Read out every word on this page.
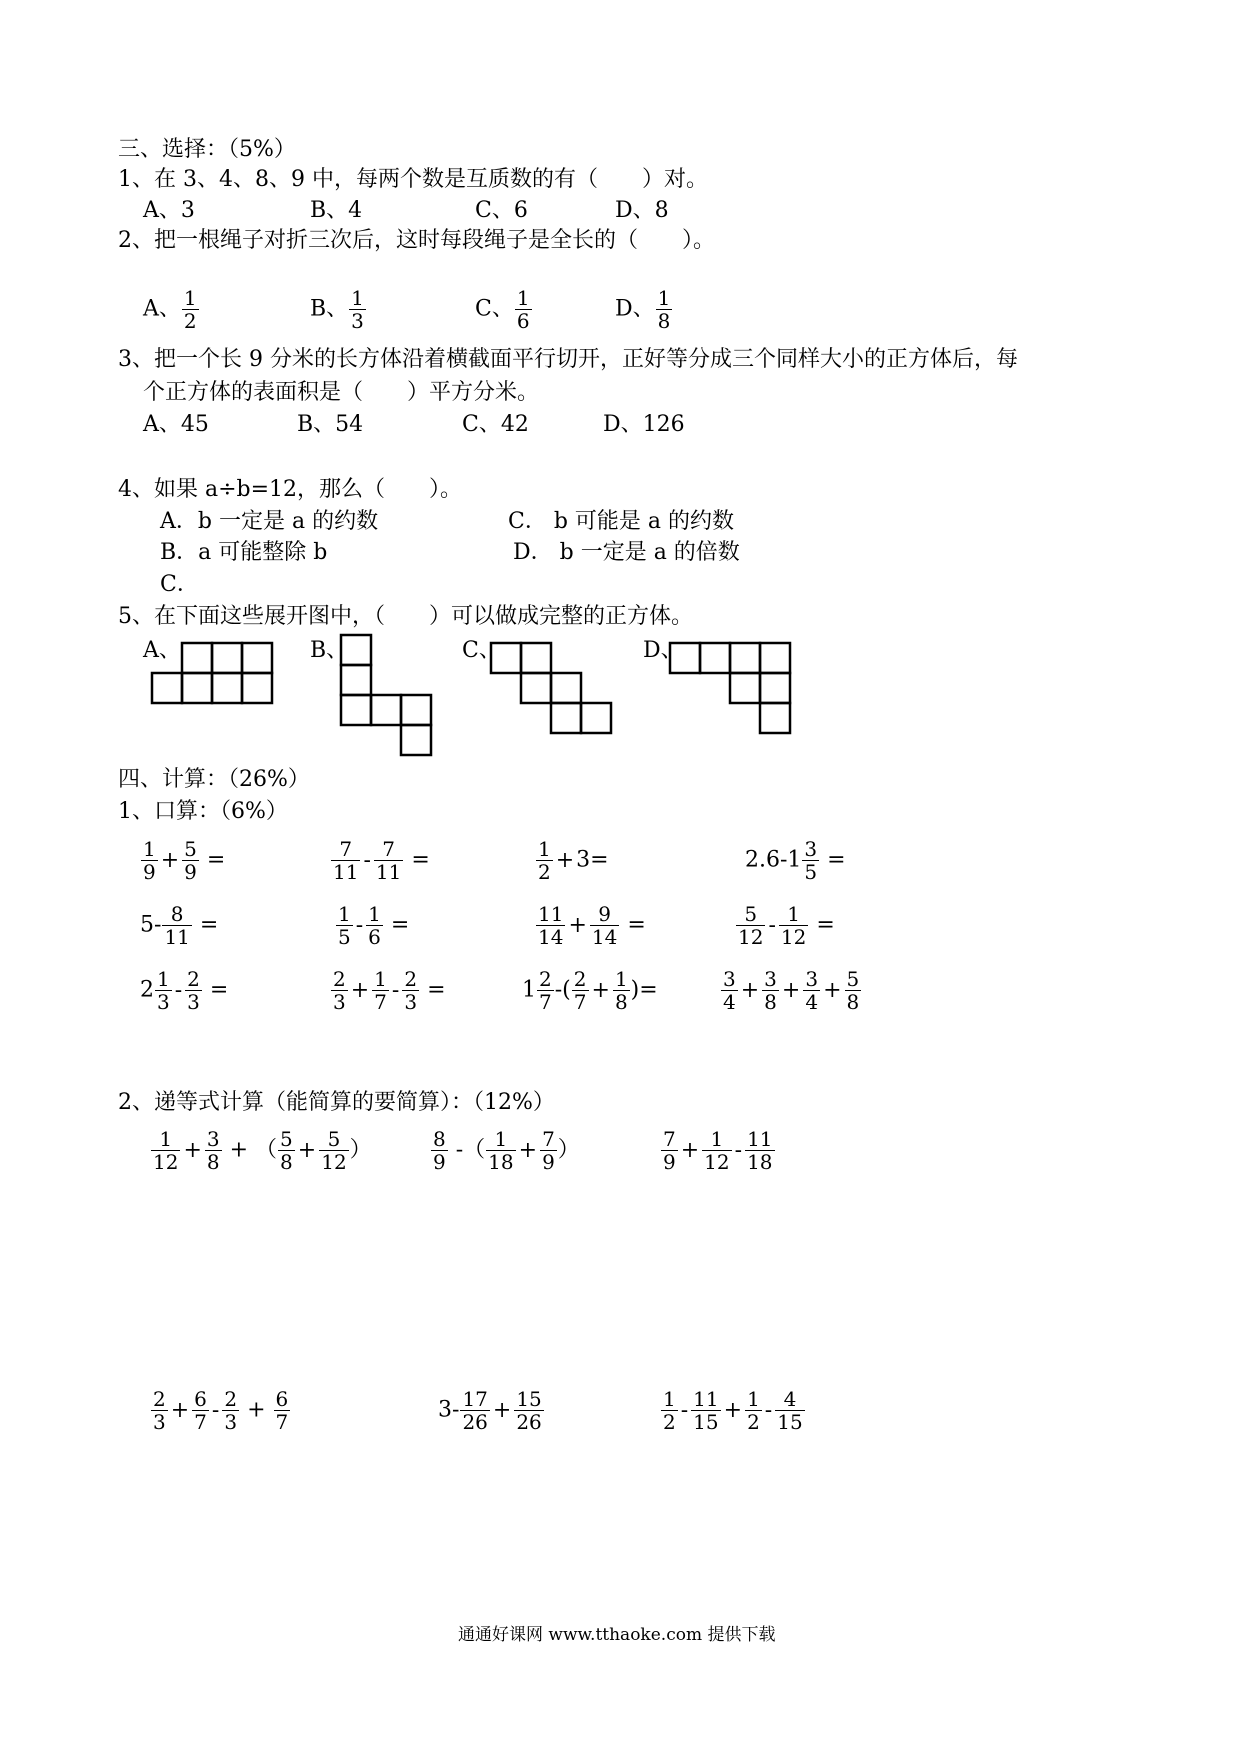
三、选择：（5%）
1、在 3、4、8、9 中，每两个数是互质数的有（　　）对。
A、3	B、4	C、6	D、8
2、把一根绳子对折三次后，这时每段绳子是全长的（　　）。
A、 $\frac{1}{2}$	B、 $\frac{1}{3}$	C、 $\frac{1}{6}$	D、 $\frac{1}{8}$
3、把一个长 9 分米的长方体沿着横截面平行切开，正好等分成三个同样大小的正方体后，每
个正方体的表面积是（　　）平方分米。
A、45	B、54	C、42	D、126
4、如果 a÷b=12，那么（　　）。
A．b 一定是 a 的约数	C． b 可能是 a 的约数
B．a 可能整除 b	D． b 一定是 a 的倍数
C．
5、在下面这些展开图中，（　　）可以做成完整的正方体。
A、	B、	C、	D、
四、计算：（26%）
1、口算：（6%）
$\frac{1}{9} + \frac{5}{9}$ =	$\frac{7}{11} - \frac{7}{11}$ =	$\frac{1}{2} +3=$	$2.6-1 \frac{3}{5}$ =
$5- \frac{8}{11}$ =	$\frac{1}{5} - \frac{1}{6}$ =	$\frac{11}{14} + \frac{9}{14}$ =	$\frac{5}{12} - \frac{1}{12}$ =
$2 \frac{1}{3} - \frac{2}{3}$ =	$\frac{2}{3} + \frac{1}{7} - \frac{2}{3}$ =	$1 \frac{2}{7}$ -( $\frac{2}{7} + \frac{1}{8}$ )=	$\frac{3}{4} + \frac{3}{8} + \frac{3}{4} + \frac{5}{8}$
2、递等式计算（能简算的要简算）：（12%）
$\frac{1}{12} + \frac{3}{8}$ + （ $\frac{5}{8} + \frac{5}{12}$ ）	$\frac{8}{9}$ -（ $\frac{1}{18} + \frac{7}{9}$ ）	$\frac{7}{9} + \frac{1}{12} - \frac{11}{18}$
$\frac{2}{3} + \frac{6}{7} - \frac{2}{3} + \frac{6}{7}$	$3- \frac{17}{26} + \frac{15}{26}$	$\frac{1}{2} - \frac{11}{15} + \frac{1}{2} - \frac{4}{15}$
通通好课网 www.tthaoke.com 提供下载
